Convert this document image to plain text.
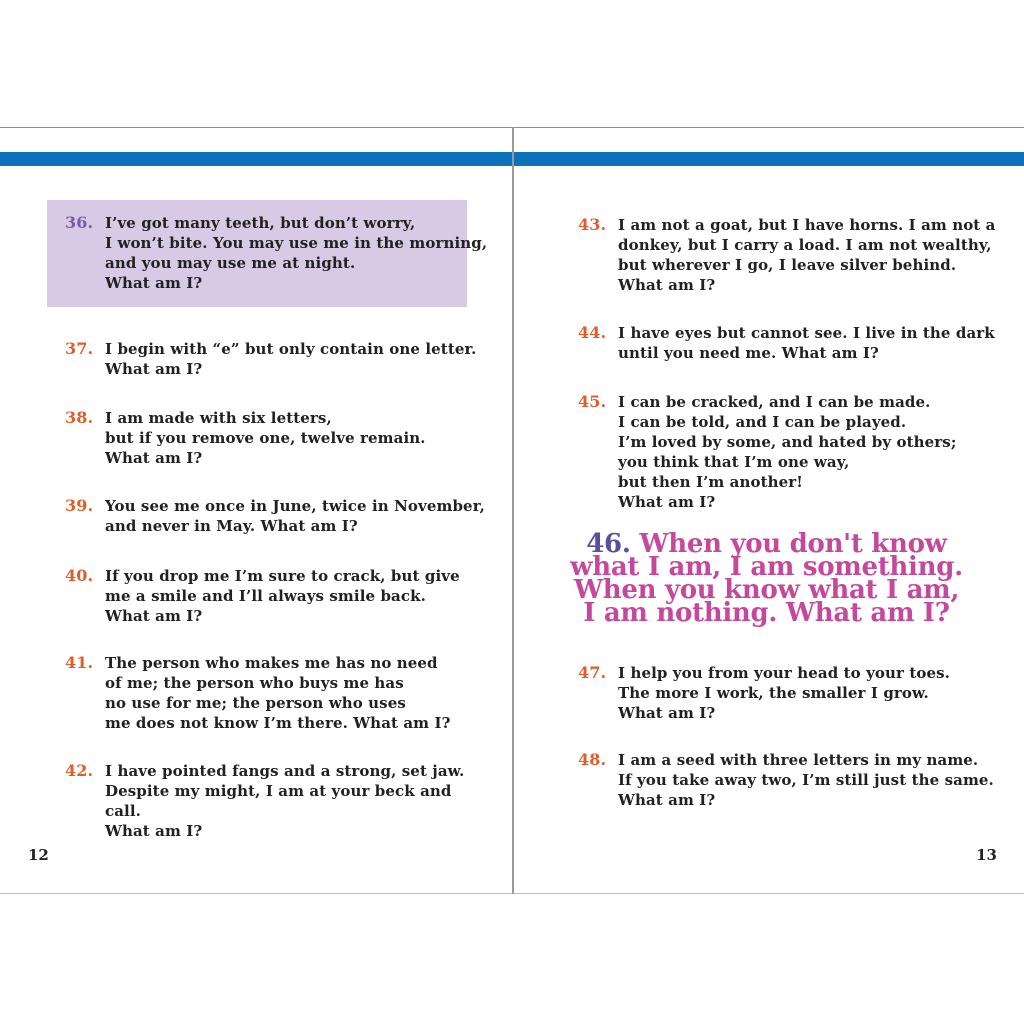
36. I’ve got many teeth, but don’t worry,
I won’t bite. You may use me in the morning,
and you may use me at night.
What am I?
37. I begin with “e” but only contain one letter.
What am I?
38. I am made with six letters,
but if you remove one, twelve remain.
What am I?
39. You see me once in June, twice in November,
and never in May. What am I?
40. If you drop me I’m sure to crack, but give
me a smile and I’ll always smile back.
What am I?
41. The person who makes me has no need
of me; the person who buys me has
no use for me; the person who uses
me does not know I’m there. What am I?
42. I have pointed fangs and a strong, set jaw.
Despite my might, I am at your beck and call.
What am I?
12
43. I am not a goat, but I have horns. I am not a
donkey, but I carry a load. I am not wealthy,
but wherever I go, I leave silver behind.
What am I?
44. I have eyes but cannot see. I live in the dark
until you need me. What am I?
45. I can be cracked, and I can be made.
I can be told, and I can be played.
I’m loved by some, and hated by others;
you think that I’m one way,
but then I’m another!
What am I?
46. When you don't know
what I am, I am something.
When you know what I am,
I am nothing. What am I?
47. I help you from your head to your toes.
The more I work, the smaller I grow.
What am I?
48. I am a seed with three letters in my name.
If you take away two, I’m still just the same.
What am I?
13
